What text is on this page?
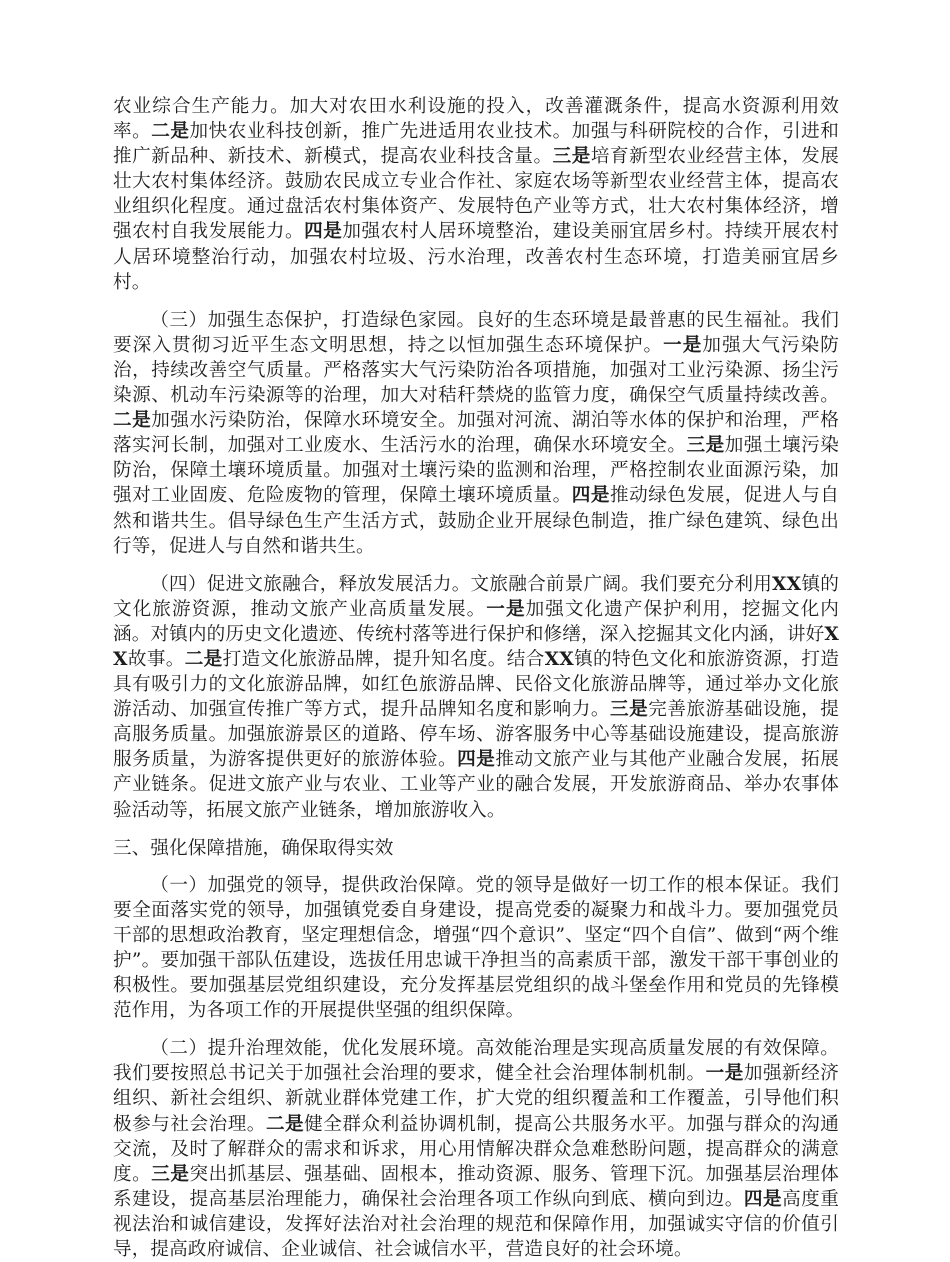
农业综合生产能力。加大对农田水利设施的投入，改善灌溉条件，提高水资源利用效率。二是加快农业科技创新，推广先进适用农业技术。加强与科研院校的合作，引进和推广新品种、新技术、新模式，提高农业科技含量。三是培育新型农业经营主体，发展壮大农村集体经济。鼓励农民成立专业合作社、家庭农场等新型农业经营主体，提高农业组织化程度。通过盘活农村集体资产、发展特色产业等方式，壮大农村集体经济，增强农村自我发展能力。四是加强农村人居环境整治，建设美丽宜居乡村。持续开展农村人居环境整治行动，加强农村垃圾、污水治理，改善农村生态环境，打造美丽宜居乡村。

（三）加强生态保护，打造绿色家园。良好的生态环境是最普惠的民生福祉。我们要深入贯彻习近平生态文明思想，持之以恒加强生态环境保护。一是加强大气污染防治，持续改善空气质量。严格落实大气污染防治各项措施，加强对工业污染源、扬尘污染源、机动车污染源等的治理，加大对秸秆禁烧的监管力度，确保空气质量持续改善。二是加强水污染防治，保障水环境安全。加强对河流、湖泊等水体的保护和治理，严格落实河长制，加强对工业废水、生活污水的治理，确保水环境安全。三是加强土壤污染防治，保障土壤环境质量。加强对土壤污染的监测和治理，严格控制农业面源污染，加强对工业固废、危险废物的管理，保障土壤环境质量。四是推动绿色发展，促进人与自然和谐共生。倡导绿色生产生活方式，鼓励企业开展绿色制造，推广绿色建筑、绿色出行等，促进人与自然和谐共生。

（四）促进文旅融合，释放发展活力。文旅融合前景广阔。我们要充分利用XX镇的文化旅游资源，推动文旅产业高质量发展。一是加强文化遗产保护利用，挖掘文化内涵。对镇内的历史文化遗迹、传统村落等进行保护和修缮，深入挖掘其文化内涵，讲好XX故事。二是打造文化旅游品牌，提升知名度。结合XX镇的特色文化和旅游资源，打造具有吸引力的文化旅游品牌，如红色旅游品牌、民俗文化旅游品牌等，通过举办文化旅游活动、加强宣传推广等方式，提升品牌知名度和影响力。三是完善旅游基础设施，提高服务质量。加强旅游景区的道路、停车场、游客服务中心等基础设施建设，提高旅游服务质量，为游客提供更好的旅游体验。四是推动文旅产业与其他产业融合发展，拓展产业链条。促进文旅产业与农业、工业等产业的融合发展，开发旅游商品、举办农事体验活动等，拓展文旅产业链条，增加旅游收入。

三、强化保障措施，确保取得实效

（一）加强党的领导，提供政治保障。党的领导是做好一切工作的根本保证。我们要全面落实党的领导，加强镇党委自身建设，提高党委的凝聚力和战斗力。要加强党员干部的思想政治教育，坚定理想信念，增强“四个意识”、坚定“四个自信”、做到“两个维护”。要加强干部队伍建设，选拔任用忠诚干净担当的高素质干部，激发干部干事创业的积极性。要加强基层党组织建设，充分发挥基层党组织的战斗堡垒作用和党员的先锋模范作用，为各项工作的开展提供坚强的组织保障。

（二）提升治理效能，优化发展环境。高效能治理是实现高质量发展的有效保障。我们要按照总书记关于加强社会治理的要求，健全社会治理体制机制。一是加强新经济组织、新社会组织、新就业群体党建工作，扩大党的组织覆盖和工作覆盖，引导他们积极参与社会治理。二是健全群众利益协调机制，提高公共服务水平。加强与群众的沟通交流，及时了解群众的需求和诉求，用心用情解决群众急难愁盼问题，提高群众的满意度。三是突出抓基层、强基础、固根本，推动资源、服务、管理下沉。加强基层治理体系建设，提高基层治理能力，确保社会治理各项工作纵向到底、横向到边。四是高度重视法治和诚信建设，发挥好法治对社会治理的规范和保障作用，加强诚实守信的价值引导，提高政府诚信、企业诚信、社会诚信水平，营造良好的社会环境。
